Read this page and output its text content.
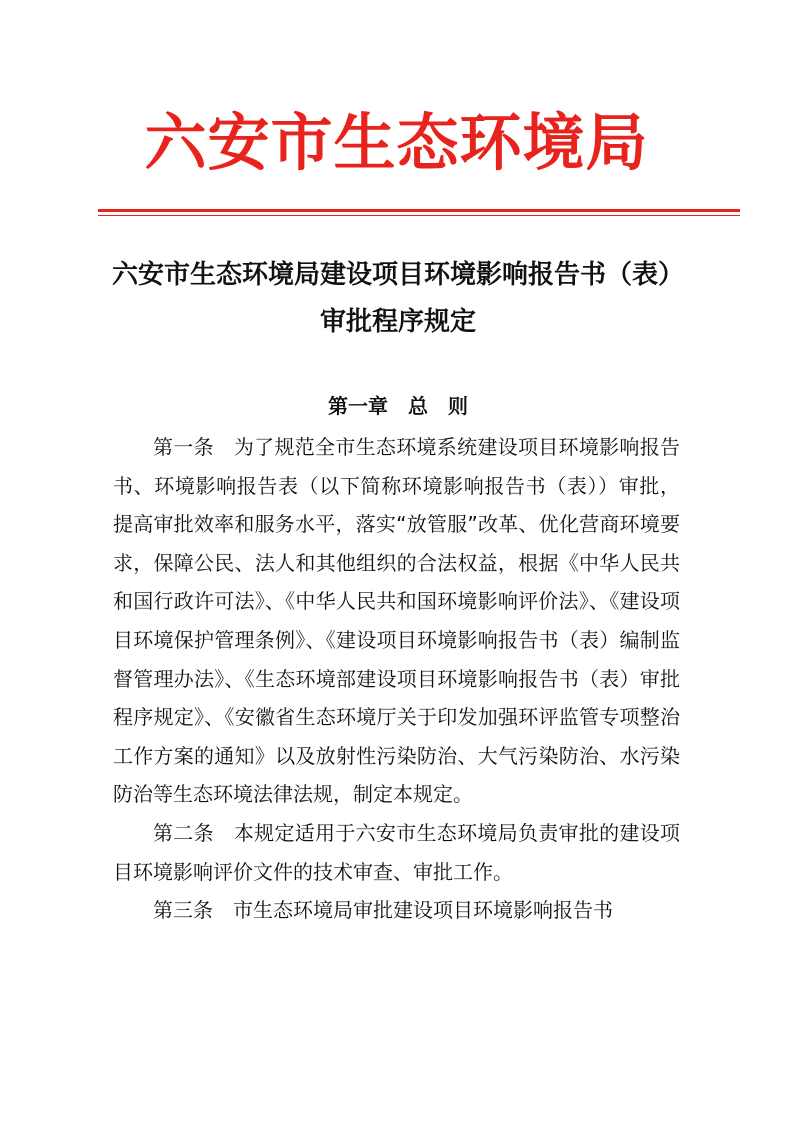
六安市生态环境局
六安市生态环境局建设项目环境影响报告书（表）
审批程序规定
第一章　总　则

第一条 为了规范全市生态环境系统建设项目环境影响报告书、环境影响报告表（以下简称环境影响报告书（表））审批，提高审批效率和服务水平，落实“放管服”改革、优化营商环境要求，保障公民、法人和其他组织的合法权益，根据《中华人民共和国行政许可法》、《中华人民共和国环境影响评价法》、《建设项目环境保护管理条例》、《建设项目环境影响报告书（表）编制监督管理办法》、《生态环境部建设项目环境影响报告书（表）审批程序规定》、《安徽省生态环境厅关于印发加强环评监管专项整治工作方案的通知》以及放射性污染防治、大气污染防治、水污染防治等生态环境法律法规，制定本规定。

第二条 本规定适用于六安市生态环境局负责审批的建设项目环境影响评价文件的技术审查、审批工作。

第三条 市生态环境局审批建设项目环境影响报告书
